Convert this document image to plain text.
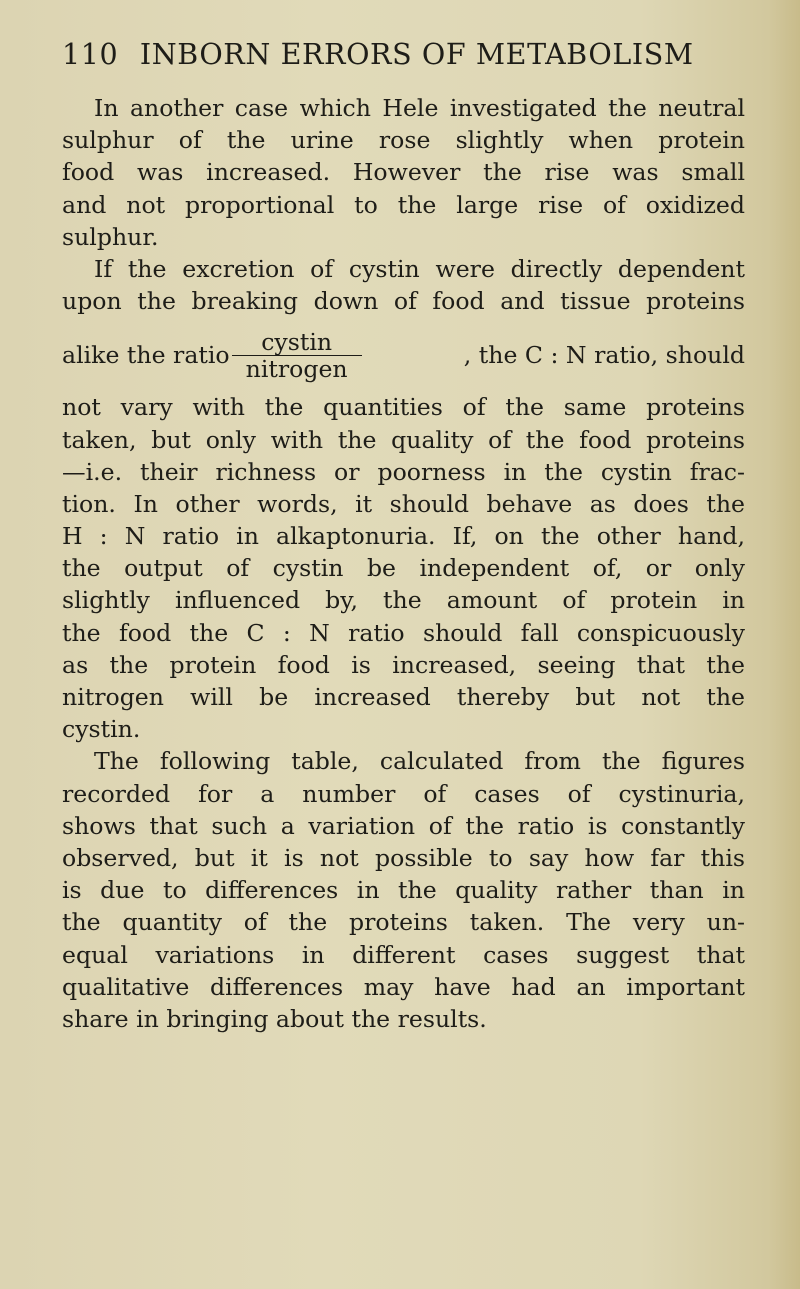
110 INBORN ERRORS OF METABOLISM
In another case which Hele investigated the neutral
sulphur of the urine rose slightly when protein
food was increased. However the rise was small
and not proportional to the large rise of oxidized
sulphur.
If the excretion of cystin were directly dependent
upon the breaking down of food and tissue proteins
alike the ratio $\frac{\text{cystin}}{\text{nitrogen}}$	, the C : N ratio, should
not vary with the quantities of the same proteins
taken, but only with the quality of the food proteins
—i.e. their richness or poorness in the cystin frac-
tion. In other words, it should behave as does the
H : N ratio in alkaptonuria. If, on the other hand,
the output of cystin be independent of, or only
slightly influenced by, the amount of protein in
the food the C : N ratio should fall conspicuously
as the protein food is increased, seeing that the
nitrogen will be increased thereby but not the
cystin.
The following table, calculated from the figures
recorded for a number of cases of cystinuria,
shows that such a variation of the ratio is constantly
observed, but it is not possible to say how far this
is due to differences in the quality rather than in
the quantity of the proteins taken. The very un-
equal variations in different cases suggest that
qualitative differences may have had an important
share in bringing about the results.
